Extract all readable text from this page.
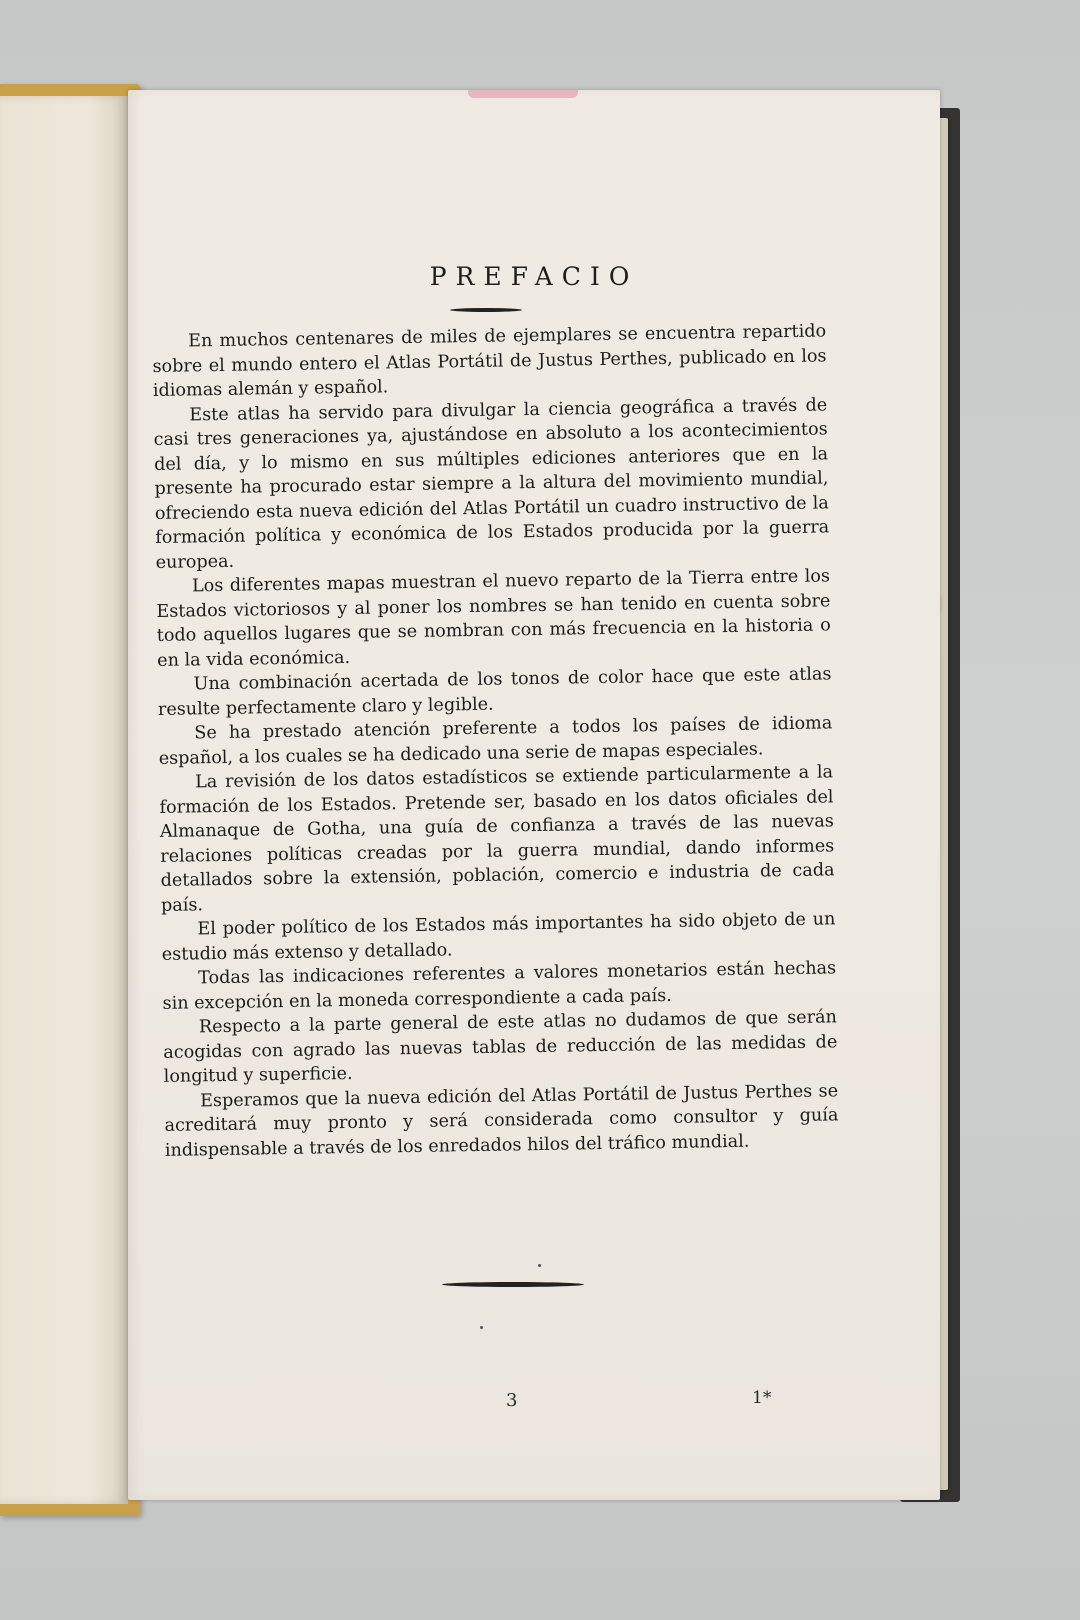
PREFACIO

En muchos centenares de miles de ejemplares se encuentra repartido sobre el mundo entero el Atlas Portátil de Justus Perthes, publicado en los idiomas alemán y español.

Este atlas ha servido para divulgar la ciencia geográfica a través de casi tres generaciones ya, ajustándose en absoluto a los acontecimientos del día, y lo mismo en sus múltiples ediciones anteriores que en la presente ha procurado estar siempre a la altura del movimiento mundial, ofreciendo esta nueva edición del Atlas Portátil un cuadro instructivo de la formación política y económica de los Estados producida por la guerra europea.

Los diferentes mapas muestran el nuevo reparto de la Tierra entre los Estados victoriosos y al poner los nombres se han tenido en cuenta sobre todo aquellos lugares que se nombran con más frecuencia en la historia o en la vida económica.

Una combinación acertada de los tonos de color hace que este atlas resulte perfectamente claro y legible.

Se ha prestado atención preferente a todos los países de idioma español, a los cuales se ha dedicado una serie de mapas especiales.

La revisión de los datos estadísticos se extiende particularmente a la formación de los Estados. Pretende ser, basado en los datos oficiales del Almanaque de Gotha, una guía de confianza a través de las nuevas relaciones políticas creadas por la guerra mundial, dando informes detallados sobre la extensión, población, comercio e industria de cada país.

El poder político de los Estados más importantes ha sido objeto de un estudio más extenso y detallado.

Todas las indicaciones referentes a valores monetarios están hechas sin excepción en la moneda correspondiente a cada país.

Respecto a la parte general de este atlas no dudamos de que serán acogidas con agrado las nuevas tablas de reducción de las medidas de longitud y superficie.

Esperamos que la nueva edición del Atlas Portátil de Justus Perthes se acreditará muy pronto y será considerada como consultor y guía indispensable a través de los enredados hilos del tráfico mundial.

3	1*
